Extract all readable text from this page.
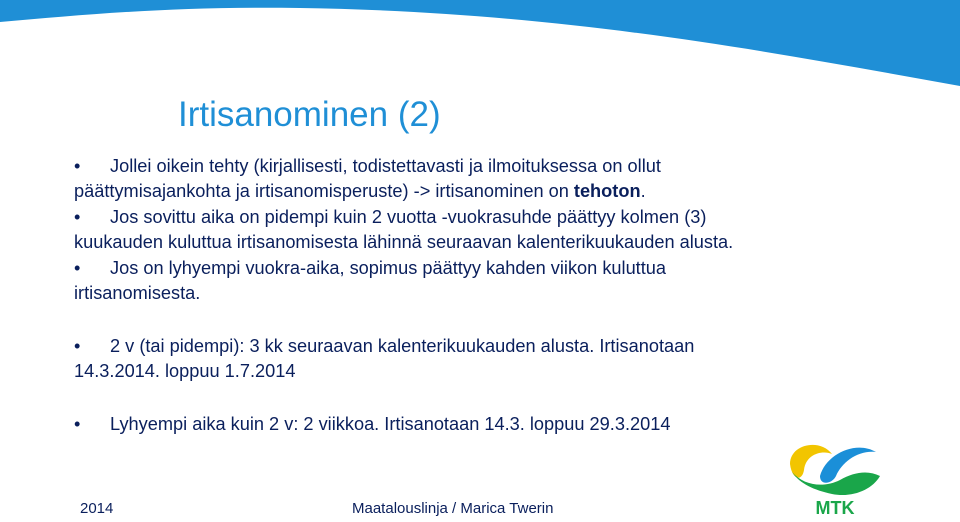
Irtisanominen (2)
• Jollei oikein tehty (kirjallisesti, todistettavasti ja ilmoituksessa on ollut
päättymisajankohta ja irtisanomisperuste) -> irtisanominen on tehoton.
• Jos sovittu aika on pidempi kuin 2 vuotta -vuokrasuhde päättyy kolmen (3)
kuukauden kuluttua irtisanomisesta lähinnä seuraavan kalenterikuukauden alusta.
• Jos on lyhyempi vuokra-aika, sopimus päättyy kahden viikon kuluttua
irtisanomisesta.
• 2 v (tai pidempi): 3 kk seuraavan kalenterikuukauden alusta. Irtisanotaan
14.3.2014. loppuu 1.7.2014
• Lyhyempi aika kuin 2 v: 2 viikkoa. Irtisanotaan 14.3. loppuu 29.3.2014
2014	Maatalouslinja / Marica Twerin	MTK
